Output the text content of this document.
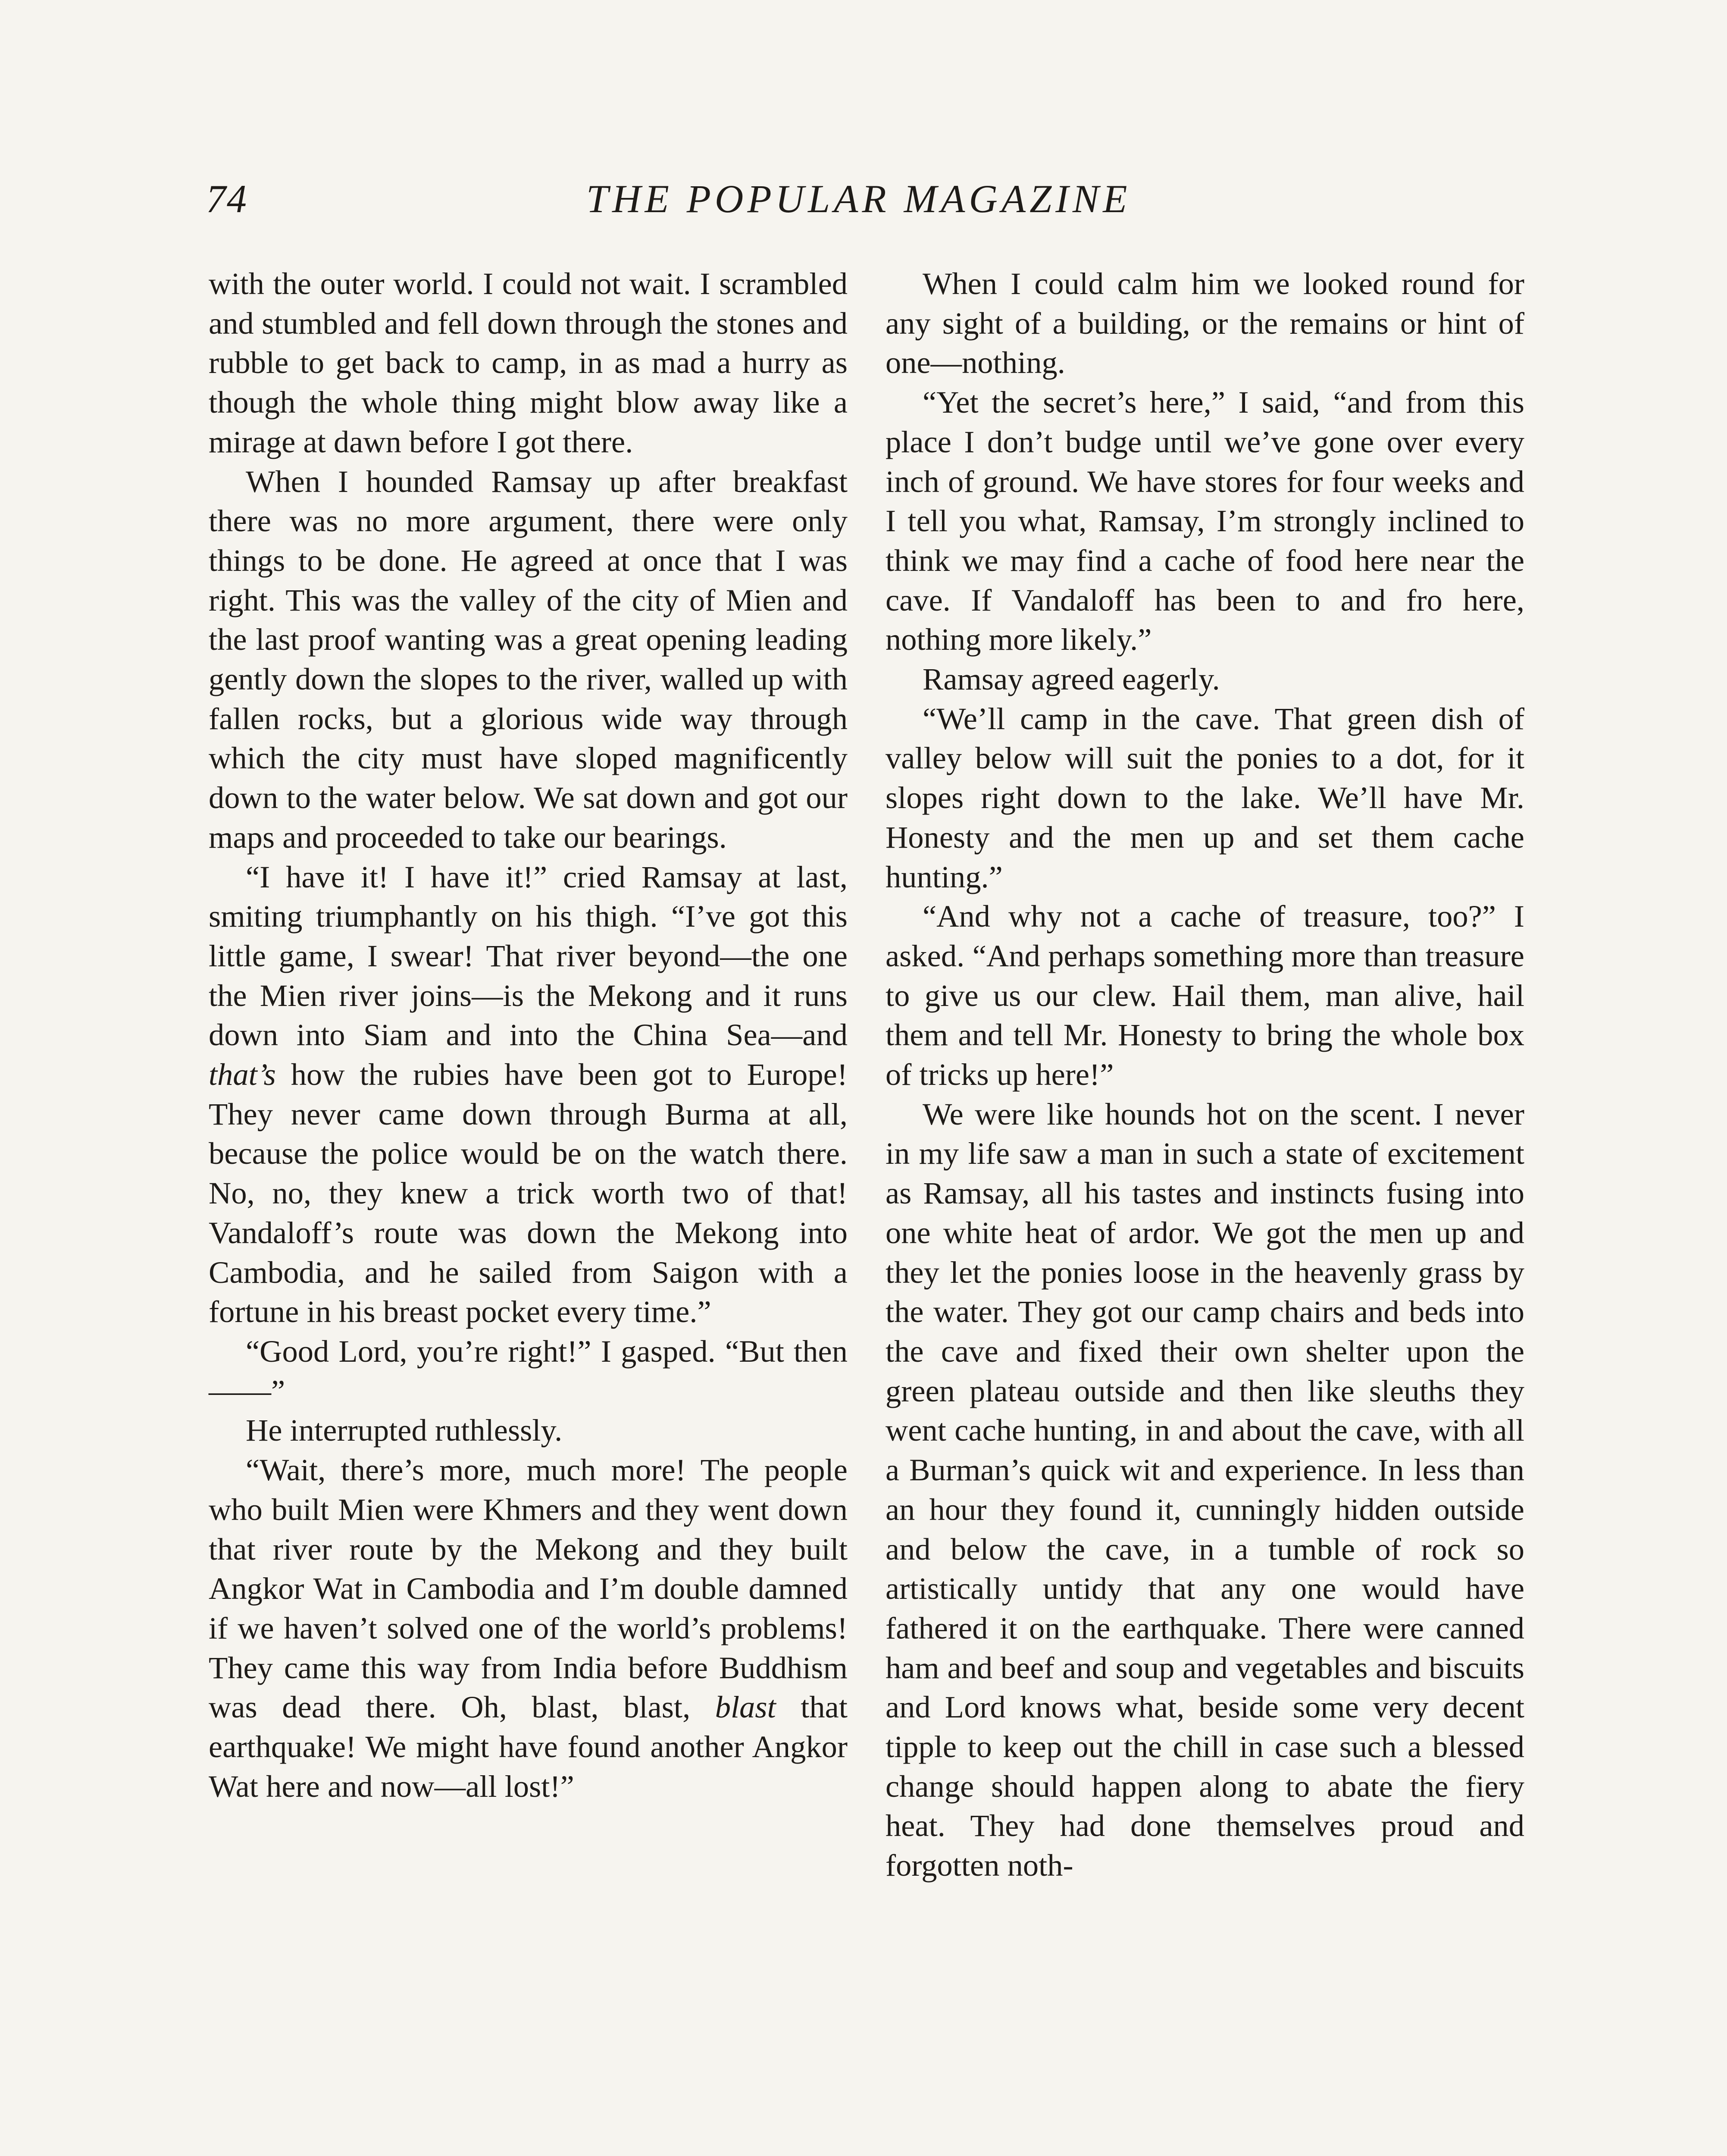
74	THE POPULAR MAGAZINE

with the outer world. I could not wait. I scrambled and stumbled and fell down through the stones and rubble to get back to camp, in as mad a hurry as though the whole thing might blow away like a mirage at dawn before I got there.

When I hounded Ramsay up after breakfast there was no more argument, there were only things to be done. He agreed at once that I was right. This was the valley of the city of Mien and the last proof wanting was a great opening leading gently down the slopes to the river, walled up with fallen rocks, but a glorious wide way through which the city must have sloped magnificently down to the water below. We sat down and got our maps and proceeded to take our bearings.

“I have it! I have it!” cried Ramsay at last, smiting triumphantly on his thigh. “I’ve got this little game, I swear! That river beyond—the one the Mien river joins—is the Mekong and it runs down into Siam and into the China Sea—and that’s how the rubies have been got to Europe! They never came down through Burma at all, because the police would be on the watch there. No, no, they knew a trick worth two of that! Vandaloff’s route was down the Mekong into Cambodia, and he sailed from Saigon with a fortune in his breast pocket every time.”

“Good Lord, you’re right!” I gasped. “But then——”

He interrupted ruthlessly.

“Wait, there’s more, much more! The people who built Mien were Khmers and they went down that river route by the Mekong and they built Angkor Wat in Cambodia and I’m double damned if we haven’t solved one of the world’s problems! They came this way from India before Buddhism was dead there. Oh, blast, blast, blast that earthquake! We might have found another Angkor Wat here and now—all lost!”

When I could calm him we looked round for any sight of a building, or the remains or hint of one—nothing.

“Yet the secret’s here,” I said, “and from this place I don’t budge until we’ve gone over every inch of ground. We have stores for four weeks and I tell you what, Ramsay, I’m strongly inclined to think we may find a cache of food here near the cave. If Vandaloff has been to and fro here, nothing more likely.”

Ramsay agreed eagerly.

“We’ll camp in the cave. That green dish of valley below will suit the ponies to a dot, for it slopes right down to the lake. We’ll have Mr. Honesty and the men up and set them cache hunting.”

“And why not a cache of treasure, too?” I asked. “And perhaps something more than treasure to give us our clew. Hail them, man alive, hail them and tell Mr. Honesty to bring the whole box of tricks up here!”

We were like hounds hot on the scent. I never in my life saw a man in such a state of excitement as Ramsay, all his tastes and instincts fusing into one white heat of ardor. We got the men up and they let the ponies loose in the heavenly grass by the water. They got our camp chairs and beds into the cave and fixed their own shelter upon the green plateau outside and then like sleuths they went cache hunting, in and about the cave, with all a Burman’s quick wit and experience. In less than an hour they found it, cunningly hidden outside and below the cave, in a tumble of rock so artistically untidy that any one would have fathered it on the earthquake. There were canned ham and beef and soup and vegetables and biscuits and Lord knows what, beside some very decent tipple to keep out the chill in case such a blessed change should happen along to abate the fiery heat. They had done themselves proud and forgotten noth-
